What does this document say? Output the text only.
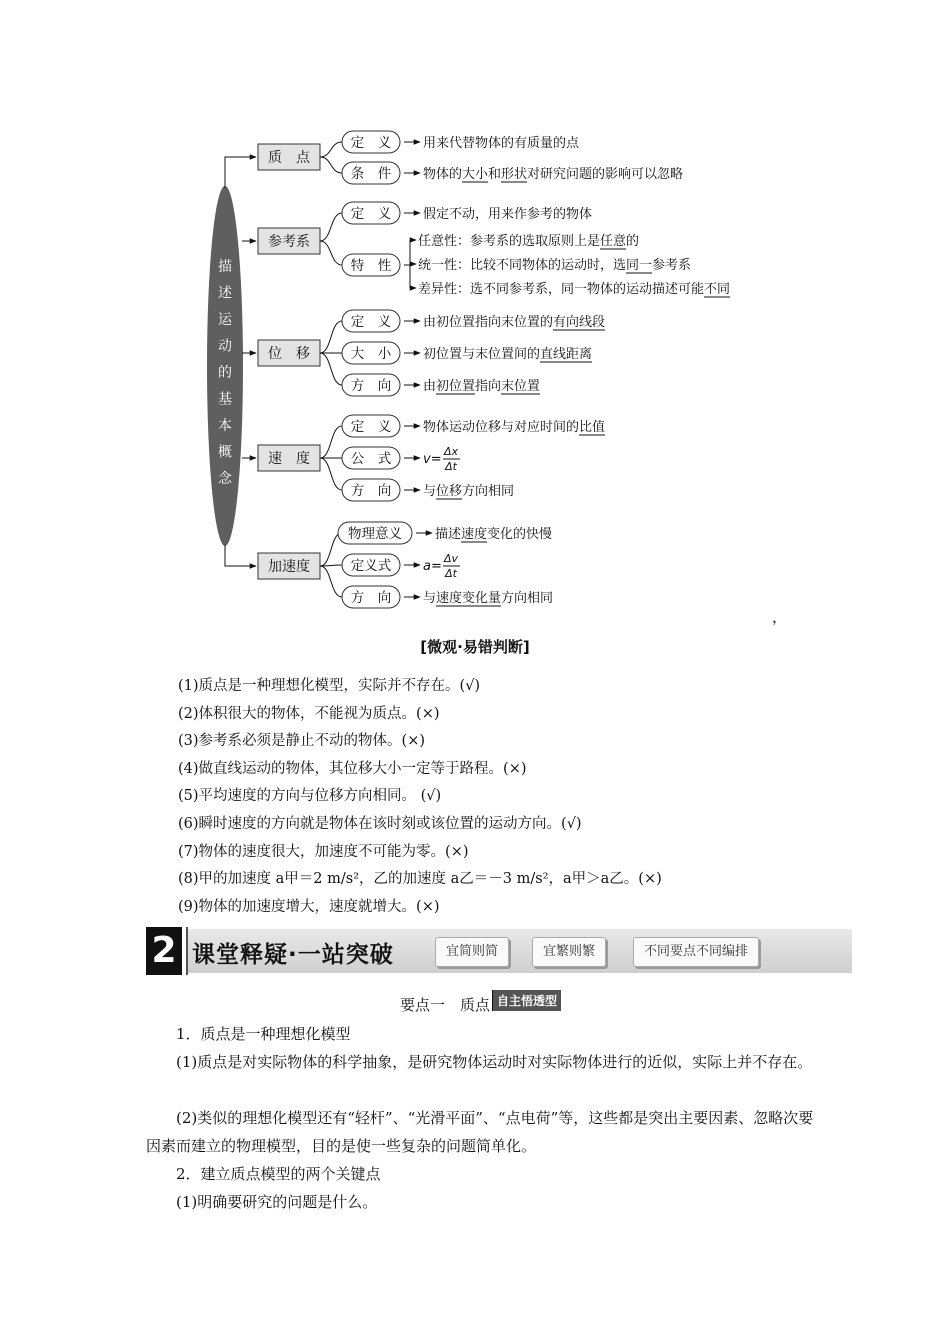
描
述
运
动
的
基
本
概
念
质　点
定　义 用来代替物体的有质量的点
条　件 物体的 大小 和 形状 对研究问题的影响可以忽略
参考系
定　义 假定不动，用来作参考的物体
特　性
任意性：参考系的选取原则上是 任意 的
统一性：比较不同物体的运动时，选 同一 参考系
差异性：选不同参考系，同一物体的运动描述可能 不同
位　移
定　义 由初位置指向末位置的 有向线段
大　小 初位置与末位置间的 直线距离
方　向 由 初位置 指向 末位置
速　度
定　义 物体运动位移与对应时间的 比值
公　式 v=
Δx
Δt
方　向 与 位移 方向相同
加速度
物理意义	描述 速度 变化的快慢
定义式 a=
Δv
Δt
方　向 与 速度变化量 方向相同
，
[微观·易错判断]
(1)质点是一种理想化模型，实际并不存在。(√)
(2)体积很大的物体，不能视为质点。(×)
(3)参考系必须是静止不动的物体。(×)
(4)做直线运动的物体，其位移大小一定等于路程。(×)
(5)平均速度的方向与位移方向相同。 (√)
(6)瞬时速度的方向就是物体在该时刻或该位置的运动方向。(√)
(7)物体的速度很大，加速度不可能为零。(×)
(8)甲的加速度 a甲＝2 m/s²，乙的加速度 a乙＝－3 m/s²，a甲＞a乙。(×)
(9)物体的加速度增大，速度就增大。(×)
2 课堂释疑·一站突破	宜简则简	宜繁则繁	不同要点不同编排
要点一　质点 自主悟透型
1．质点是一种理想化模型
(1)质点是对实际物体的科学抽象，是研究物体运动时对实际物体进行的近似，实际上并不存在。
(2)类似的理想化模型还有“轻杆”、“光滑平面”、“点电荷”等，这些都是突出主要因素、忽略次要因素而建立的物理模型，目的是使一些复杂的问题简单化。
2．建立质点模型的两个关键点
(1)明确要研究的问题是什么。
